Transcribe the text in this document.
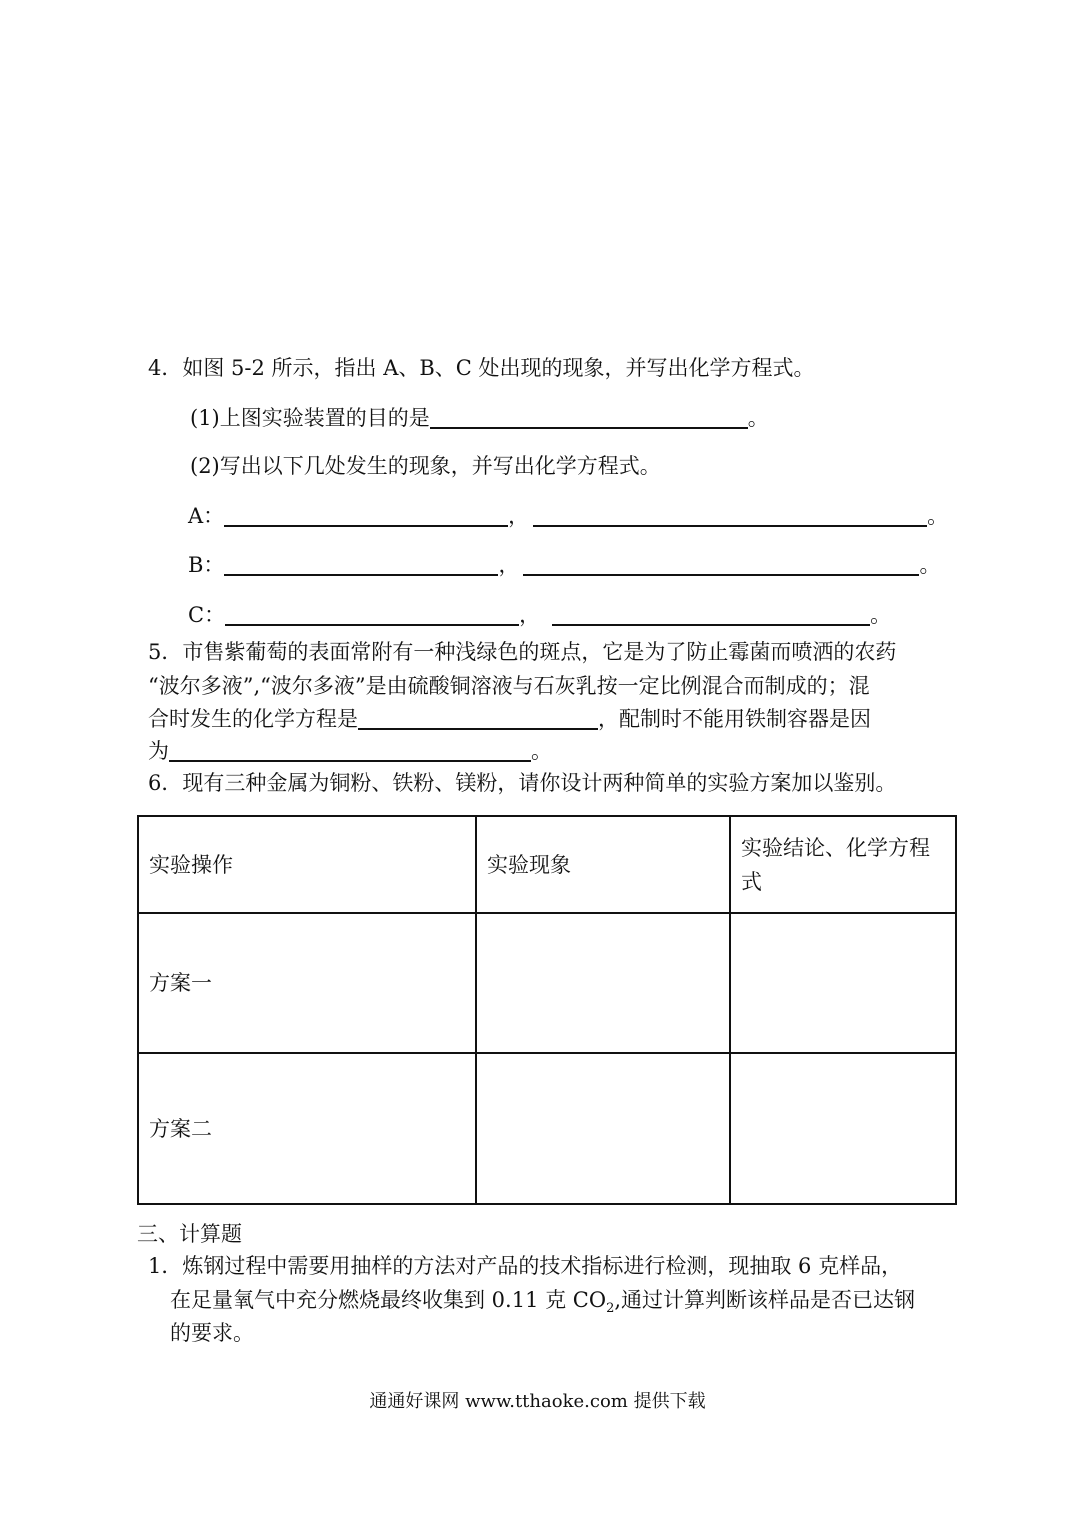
4．如图 5-2 所示，指出 A、B、C 处出现的现象，并写出化学方程式。
(1)上图实验装置的目的是	。
(2)写出以下几处发生的现象，并写出化学方程式。
A：	，	。
B：	，	。
C：	，	。
5．市售紫葡萄的表面常附有一种浅绿色的斑点，它是为了防止霉菌而喷洒的农药
“波尔多液”,“波尔多液”是由硫酸铜溶液与石灰乳按一定比例混合而制成的；混
合时发生的化学方程是	，配制时不能用铁制容器是因
为	。
6．现有三种金属为铜粉、铁粉、镁粉，请你设计两种简单的实验方案加以鉴别。
实验操作	实验现象	实验结论、化学方程式
方案一		
方案二		
三、计算题
1．炼钢过程中需要用抽样的方法对产品的技术指标进行检测，现抽取 6 克样品，
在足量氧气中充分燃烧最终收集到 0.11 克 $CO_2$,通过计算判断该样品是否已达钢
的要求。
通通好课网 www.tthaoke.com 提供下载
